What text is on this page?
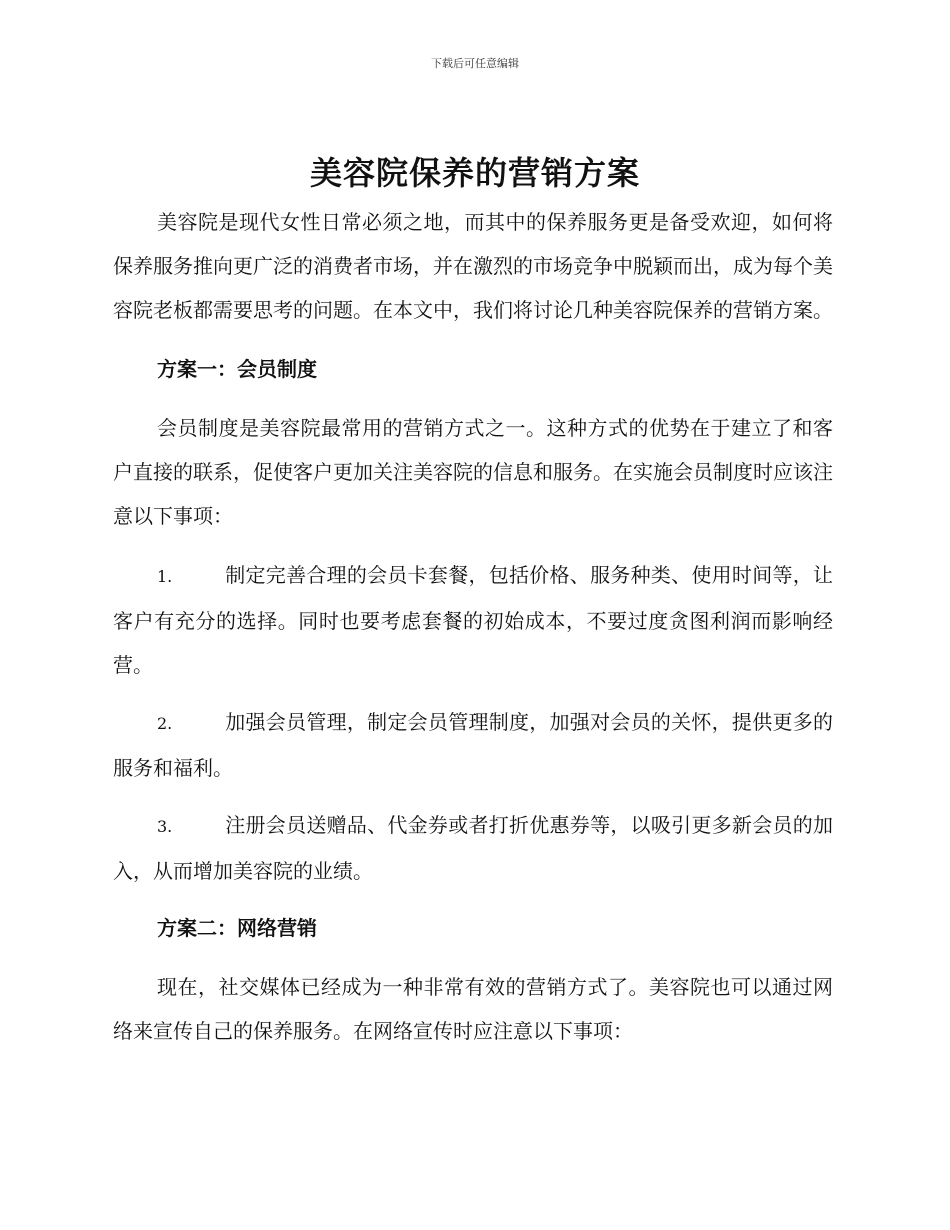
下载后可任意编辑
美容院保养的营销方案

美容院是现代女性日常必须之地，而其中的保养服务更是备受欢迎，如何将保养服务推向更广泛的消费者市场，并在激烈的市场竞争中脱颖而出，成为每个美容院老板都需要思考的问题。在本文中，我们将讨论几种美容院保养的营销方案。

方案一：会员制度

会员制度是美容院最常用的营销方式之一。这种方式的优势在于建立了和客户直接的联系，促使客户更加关注美容院的信息和服务。在实施会员制度时应该注意以下事项：

1.	制定完善合理的会员卡套餐，包括价格、服务种类、使用时间等，让客户有充分的选择。同时也要考虑套餐的初始成本，不要过度贪图利润而影响经营。

2.	加强会员管理，制定会员管理制度，加强对会员的关怀，提供更多的服务和福利。

3.	注册会员送赠品、代金券或者打折优惠券等，以吸引更多新会员的加入，从而增加美容院的业绩。

方案二：网络营销

现在，社交媒体已经成为一种非常有效的营销方式了。美容院也可以通过网络来宣传自己的保养服务。在网络宣传时应注意以下事项：
